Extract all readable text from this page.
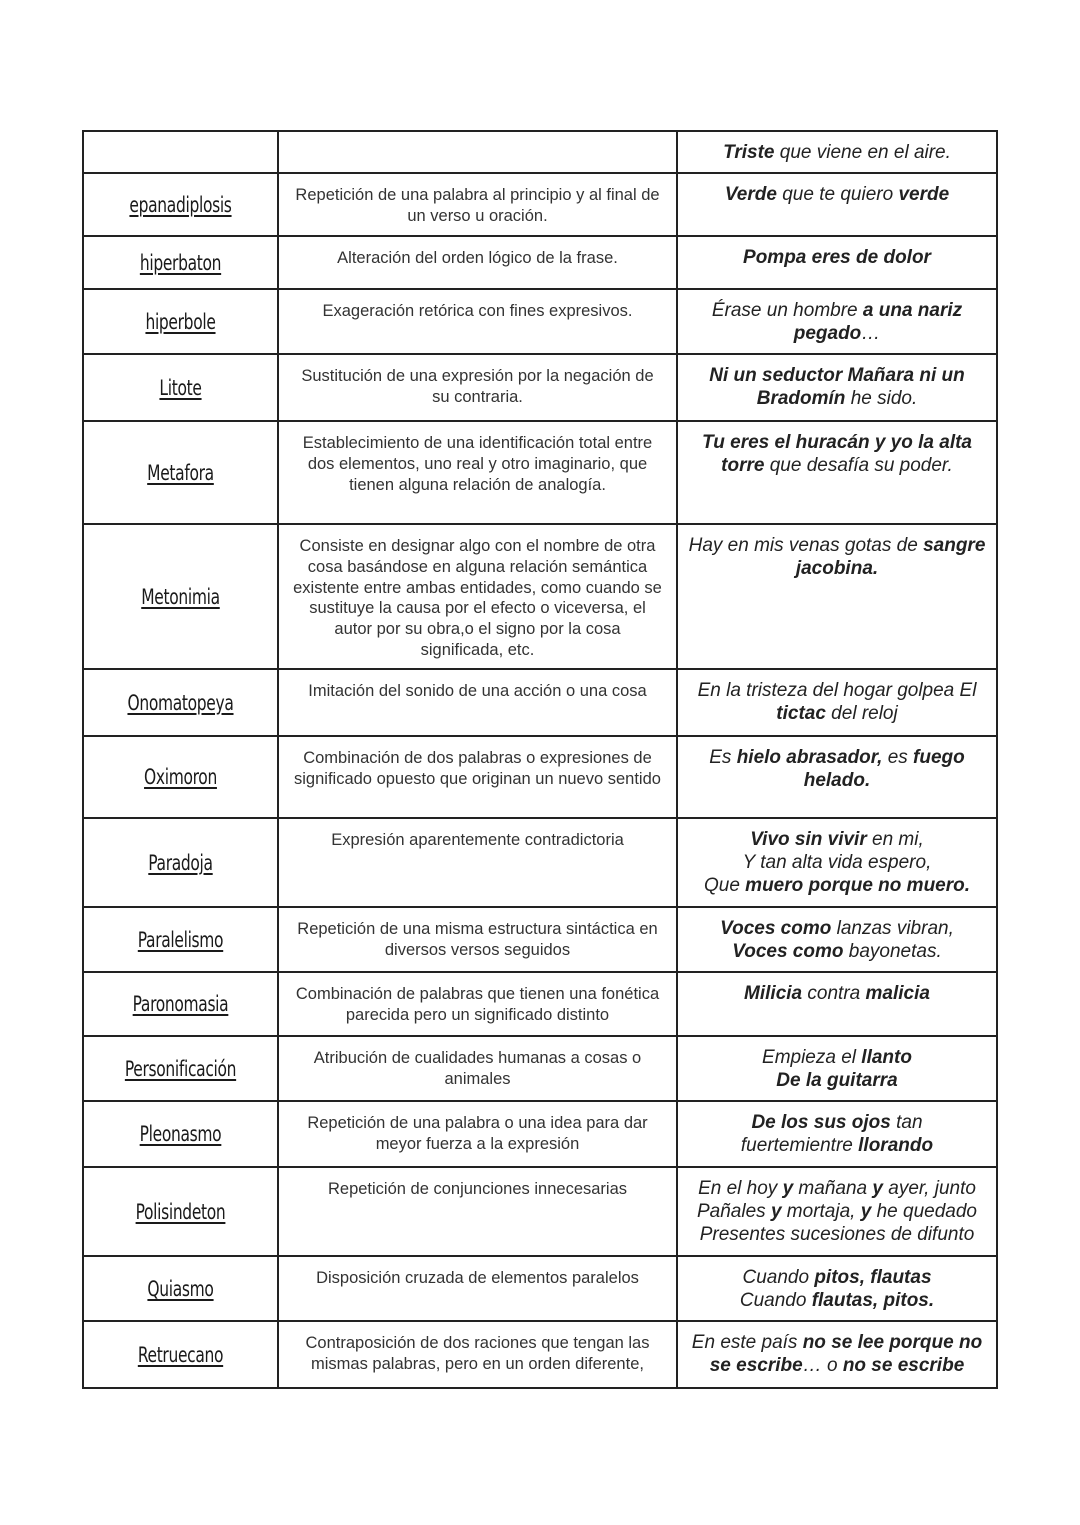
		Triste que viene en el aire.
epanadiplosis	Repetición de una palabra al principio y al final de un verso u oración.	Verde que te quiero verde
hiperbaton	Alteración del orden lógico de la frase.	Pompa eres de dolor
hiperbole	Exageración retórica con fines expresivos.	Érase un hombre a una nariz pegado…
Litote	Sustitución de una expresión por la negación de su contraria.	Ni un seductor Mañara ni un Bradomín he sido.
Metafora	Establecimiento de una identificación total entre dos elementos, uno real y otro imaginario, que tienen alguna relación de analogía.	Tu eres el huracán y yo la alta torre que desafía su poder.
Metonimia	Consiste en designar algo con el nombre de otra cosa basándose en alguna relación semántica existente entre ambas entidades, como cuando se sustituye la causa por el efecto o viceversa, el autor por su obra,o el signo por la cosa significada, etc.	Hay en mis venas gotas de sangre jacobina.
Onomatopeya	Imitación del sonido de una acción o una cosa	En la tristeza del hogar golpea El tictac del reloj
Oximoron	Combinación de dos palabras o expresiones de significado opuesto que originan un nuevo sentido	Es hielo abrasador, es fuego helado.
Paradoja	Expresión aparentemente contradictoria	Vivo sin vivir en mi,
Y tan alta vida espero,
Que muero porque no muero.
Paralelismo	Repetición de una misma estructura sintáctica en diversos versos seguidos	Voces como lanzas vibran,
Voces como bayonetas.
Paronomasia	Combinación de palabras que tienen una fonética parecida pero un significado distinto	Milicia contra malicia
Personificación	Atribución de cualidades humanas a cosas o animales	Empieza el llanto
De la guitarra
Pleonasmo	Repetición de una palabra o una idea para dar meyor fuerza a la expresión	De los sus ojos tan
fuertemientre llorando
Polisindeton	Repetición de conjunciones innecesarias	En el hoy y mañana y ayer, junto
Pañales y mortaja, y he quedado
Presentes sucesiones de difunto
Quiasmo	Disposición cruzada de elementos paralelos	Cuando pitos, flautas
Cuando flautas, pitos.
Retruecano	Contraposición de dos raciones que tengan las mismas palabras, pero en un orden diferente,	En este país no se lee porque no se escribe… o no se escribe
